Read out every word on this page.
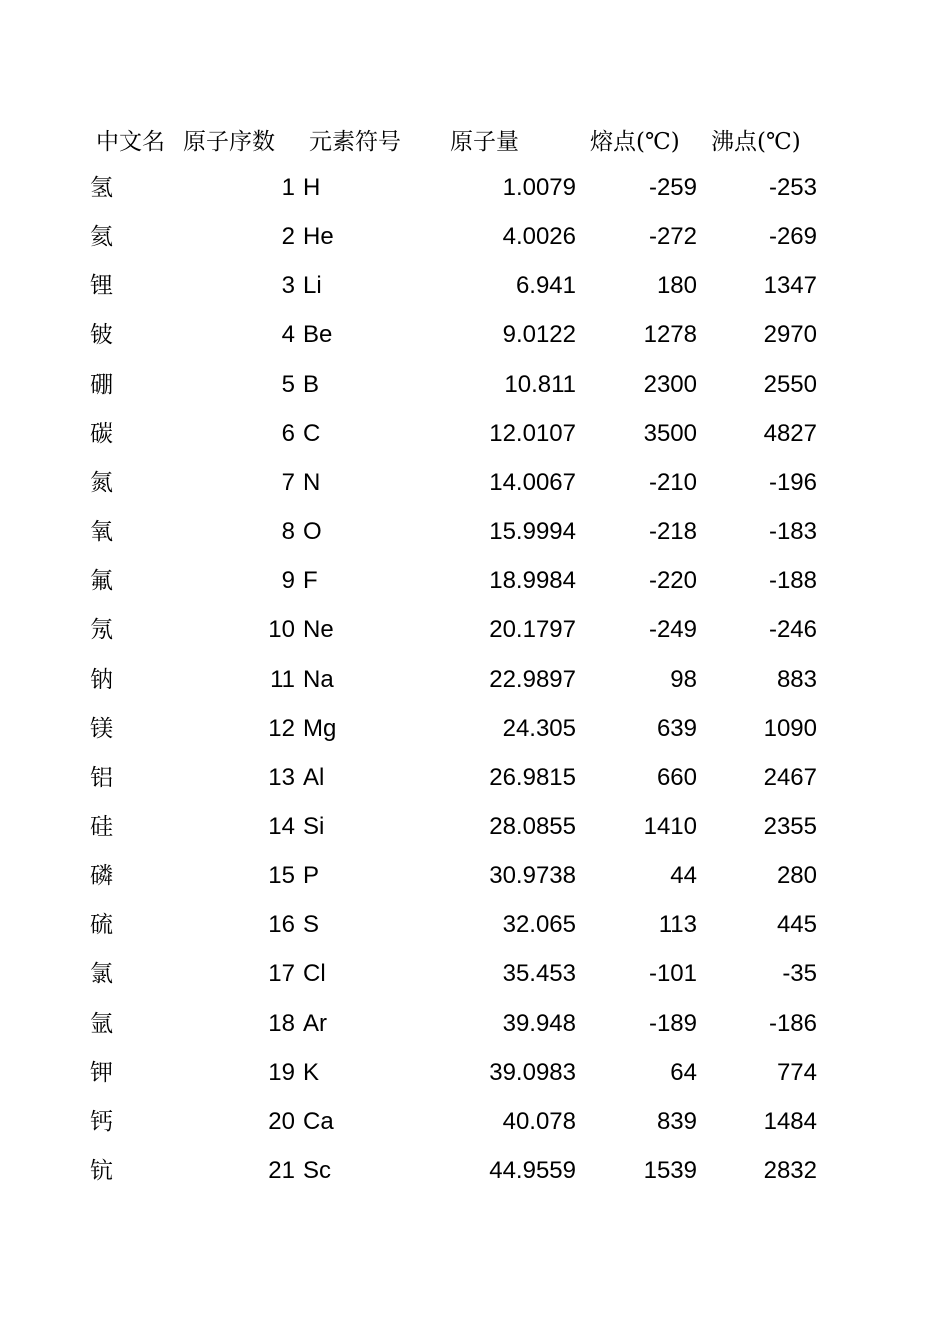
中文名 原子序数 元素符号 原子量	熔点(℃) 沸点(℃)
氢	1 H	1.0079	-259	-253
氦	2 He	4.0026	-272	-269
锂	3 Li	6.941	180	1347
铍	4 Be	9.0122	1278	2970
硼	5 B	10.811	2300	2550
碳	6 C	12.0107	3500	4827
氮	7 N	14.0067	-210	-196
氧	8 O	15.9994	-218	-183
氟	9 F	18.9984	-220	-188
氖	10 Ne	20.1797	-249	-246
钠	11 Na	22.9897	98	883
镁	12 Mg	24.305	639	1090
铝	13 Al	26.9815	660	2467
硅	14 Si	28.0855	1410	2355
磷	15 P	30.9738	44	280
硫	16 S	32.065	113	445
氯	17 Cl	35.453	-101	-35
氩	18 Ar	39.948	-189	-186
钾	19 K	39.0983	64	774
钙	20 Ca	40.078	839	1484
钪	21 Sc	44.9559	1539	2832
